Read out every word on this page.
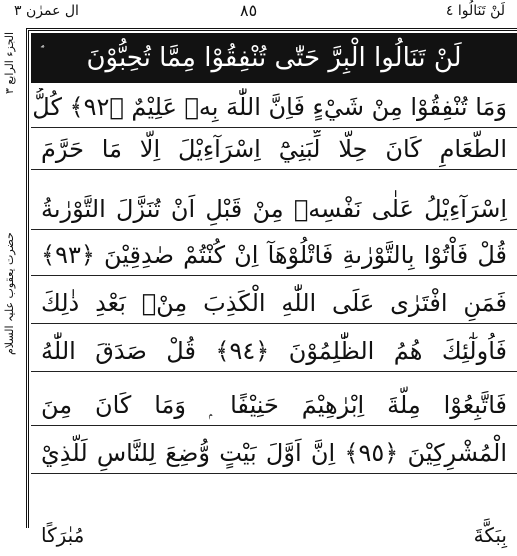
ال عمرٰن ٣	٨٥	لَنْ تَنَالُوا ٤
الجزء الرابع ٣
حضرت یعقوب علیہ السلام
لَنْ تَنَالُوا الْبِرَّ حَتّٰى تُنْفِقُوْا مِمَّا تُحِبُّوْنَ
وَمَا تُنْفِقُوْا مِنْ شَيْءٍ فَاِنَّ اللّٰهَ بِهٖ عَلِيْمٌ ﴿٩٢﴾ كُلُّ
الطَّعَامِ كَانَ حِلًّا لِّبَنِيْٓ اِسْرَآءِيْلَ اِلَّا مَا حَرَّمَ
اِسْرَآءِيْلُ عَلٰى نَفْسِهٖ مِنْ قَبْلِ اَنْ تُنَزَّلَ التَّوْرٰىةُ
قُلْ فَاْتُوْا بِالتَّوْرٰىةِ فَاتْلُوْهَآ اِنْ كُنْتُمْ صٰدِقِيْنَ ﴿٩٣﴾
فَمَنِ افْتَرٰى عَلَى اللّٰهِ الْكَذِبَ مِنْۢ بَعْدِ ذٰلِكَ
فَاُولٰٓئِكَ هُمُ الظّٰلِمُوْنَ ﴿٩٤﴾ قُلْ صَدَقَ اللّٰهُ
فَاتَّبِعُوْا مِلَّةَ اِبْرٰهِيْمَ حَنِيْفًا ۭ وَمَا كَانَ مِنَ
الْمُشْرِكِيْنَ ﴿٩٥﴾ اِنَّ اَوَّلَ بَيْتٍ وُّضِعَ لِلنَّاسِ لَلَّذِيْ
بِبَكَّةَ مُبٰرَكًا
